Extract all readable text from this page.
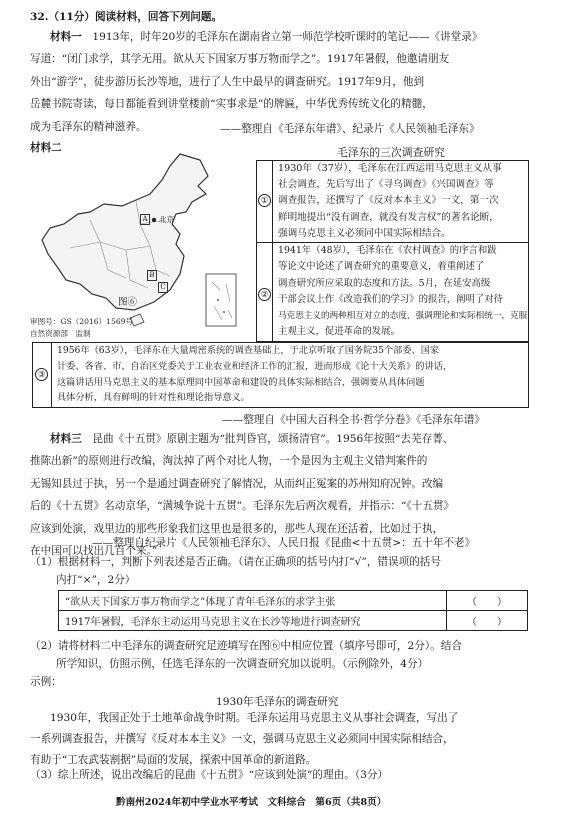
32.（11分）阅读材料，回答下列问题。
材料一　 1913年，时年20岁的毛泽东在湖南省立第一师范学校听课时的笔记——《讲堂录》
写道：“闭门求学，其学无用。欲从天下国家万事万物而学之”。1917年暑假，他邀请朋友
外出“游学”，徒步游历长沙等地，进行了人生中最早的调查研究。1917年9月，他到
岳麓书院寄读，每日都能看到讲堂楼前“实事求是”的牌匾，中华优秀传统文化的精髓，
成为毛泽东的精神滋养。	——整理自《毛泽东年谱》、纪录片《人民领袖毛泽东》
材料二	毛泽东的三次调查研究
北京
A
B
C
图⑥
审图号：GS（2016）1569号
自然资源部　监制
①
1930年（37岁），毛泽东在江西运用马克思主义从事
社会调查，先后写出了《寻乌调查》《兴国调查》等
调查报告，还撰写了《反对本本主义》一文，第一次
鲜明地提出“没有调查，就没有发言权”的著名论断，
强调马克思主义必须同中国实际相结合。
②
1941年（48岁），毛泽东在《农村调查》的序言和跋
等论文中论述了调查研究的重要意义，着重阐述了
调查研究所应采取的态度和方法。5月，在延安高级
干部会议上作《改造我们的学习》的报告，阐明了对待
马克思主义的两种相互对立的态度，强调理论和实际相统一，克服
主观主义，促进革命的发展。
③
1956年（63岁），毛泽东在大量周密系统的调查基础上，于北京听取了国务院35个部委、国家
计委、各省、市、自治区党委关于工业农业和经济工作的汇报，进而形成《论十大关系》的讲话，
这篇讲话用马克思主义的基本原理同中国革命和建设的具体实际相结合，强调要从具体问题
具体分析，具有鲜明的针对性和理论指导意义。
——整理自《中国大百科全书·哲学分卷》《毛泽东年谱》
材料三　 昆曲《十五贯》原剧主题为“批判昏官，颂扬清官”。1956年按照“去芜存菁、
推陈出新”的原则进行改编，淘汰掉了两个对比人物，一个是因为主观主义错判案件的
无锡知县过于执，另一个是通过调查研究了解情况，从而纠正冤案的苏州知府况钟。改编
后的《十五贯》名动京华，“满城争说十五贯”。毛泽东先后两次观看，并指示：“《十五贯》
应该到处演，戏里边的那些形象我们这里也是很多的，那些人现在还活着，比如过于执，
在中国可以找出几百个来。”
——整理自纪录片《人民领袖毛泽东》、人民日报《昆曲<十五贯>：五十年不老》
（1）根据材料一，判断下列表述是否正确。（请在正确项的括号内打“√”，错误项的括号
内打“×”，2分）
“欲从天下国家万事万物而学之”体现了青年毛泽东的求学主张	（　　）
1917年暑假，毛泽东主动运用马克思主义在长沙等地进行调查研究	（　　）
（2）请将材料二中毛泽东的调查研究足迹填写在图⑥中相应位置（填序号即可，2分）。结合
所学知识，仿照示例，任选毛泽东的一次调查研究加以说明。（示例除外，4分）
示例：
1930年毛泽东的调查研究
1930年，我国正处于土地革命战争时期。毛泽东运用马克思主义从事社会调查，写出了
一系列调查报告，并撰写《反对本本主义》一文，强调马克思主义必须同中国实际相结合，
有助于“工农武装割据”局面的发展，探索中国革命的新道路。
（3）综上所述，说出改编后的昆曲《十五贯》“应该到处演”的理由。（3分）
黔南州2024年初中学业水平考试　文科综合　第6页（共8页）
